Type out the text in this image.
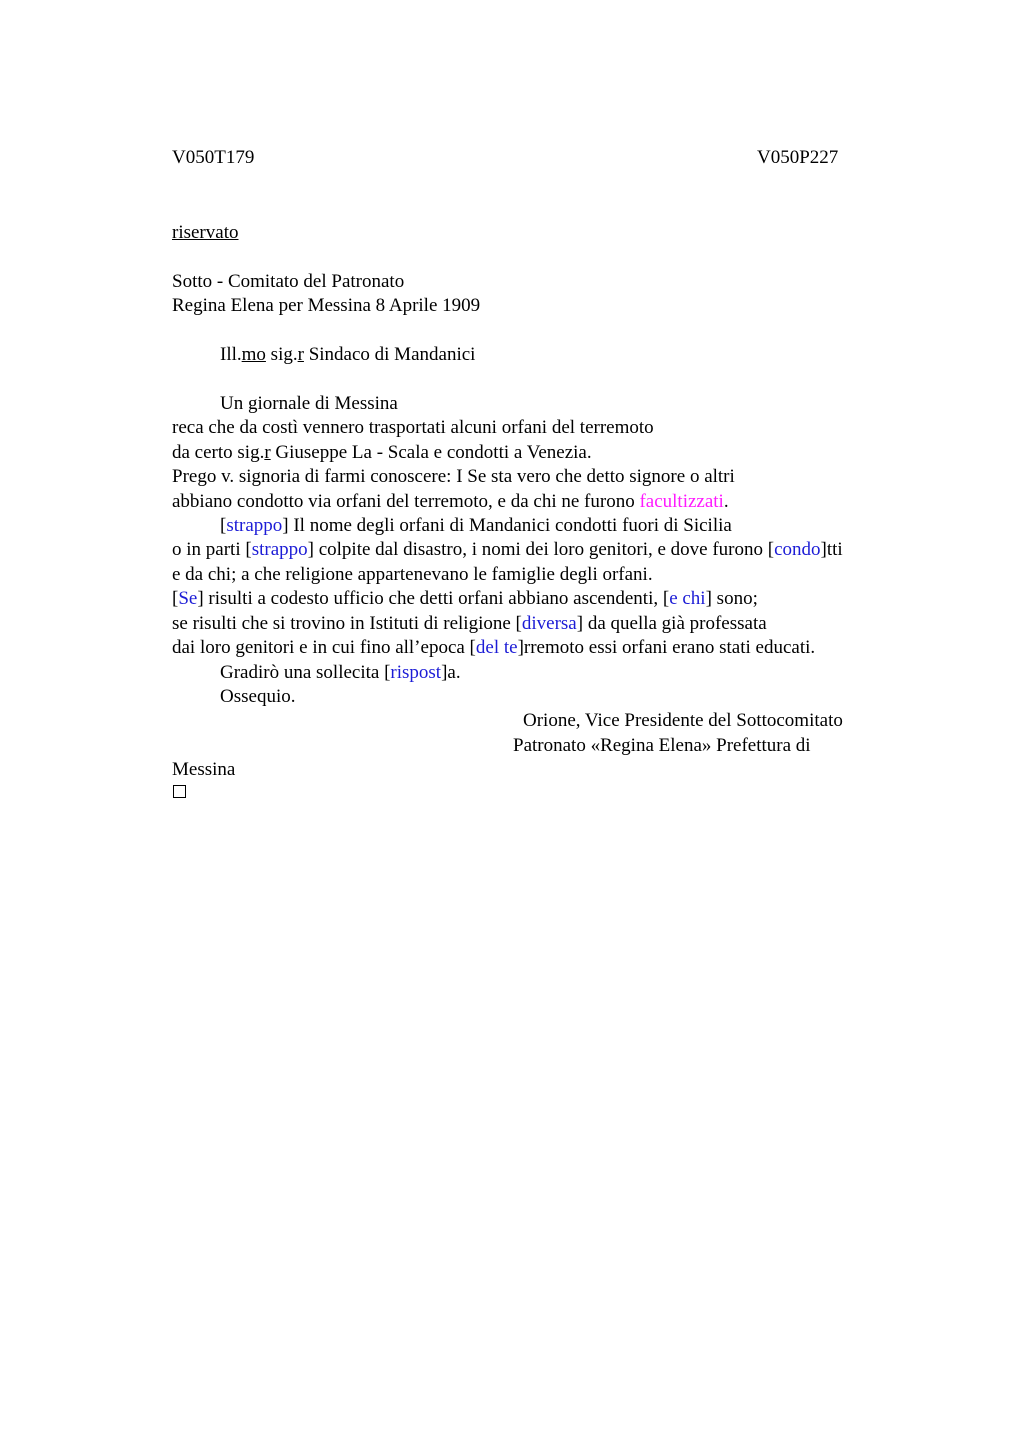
V050T179	V050P227
riservato
Sotto - Comitato del Patronato
Regina Elena per Messina 8 Aprile 1909
Ill.mo sig.r Sindaco di Mandanici
Un giornale di Messina
reca che da costì vennero trasportati alcuni orfani del terremoto
da certo sig.r Giuseppe La - Scala e condotti a Venezia.
Prego v. signoria di farmi conoscere: I Se sta vero che detto signore o altri
abbiano condotto via orfani del terremoto, e da chi ne furono facultizzati.
[strappo] Il nome degli orfani di Mandanici condotti fuori di Sicilia
o in parti [strappo] colpite dal disastro, i nomi dei loro genitori, e dove furono [condo]tti
e da chi; a che religione appartenevano le famiglie degli orfani.
[Se] risulti a codesto ufficio che detti orfani abbiano ascendenti, [e chi] sono;
se risulti che si trovino in Istituti di religione [diversa] da quella già professata
dai loro genitori e in cui fino all’epoca [del te]rremoto essi orfani erano stati educati.
Gradirò una sollecita [rispost]a.
Ossequio.
Orione, Vice Presidente del Sottocomitato
Patronato «Regina Elena» Prefettura di
Messina
